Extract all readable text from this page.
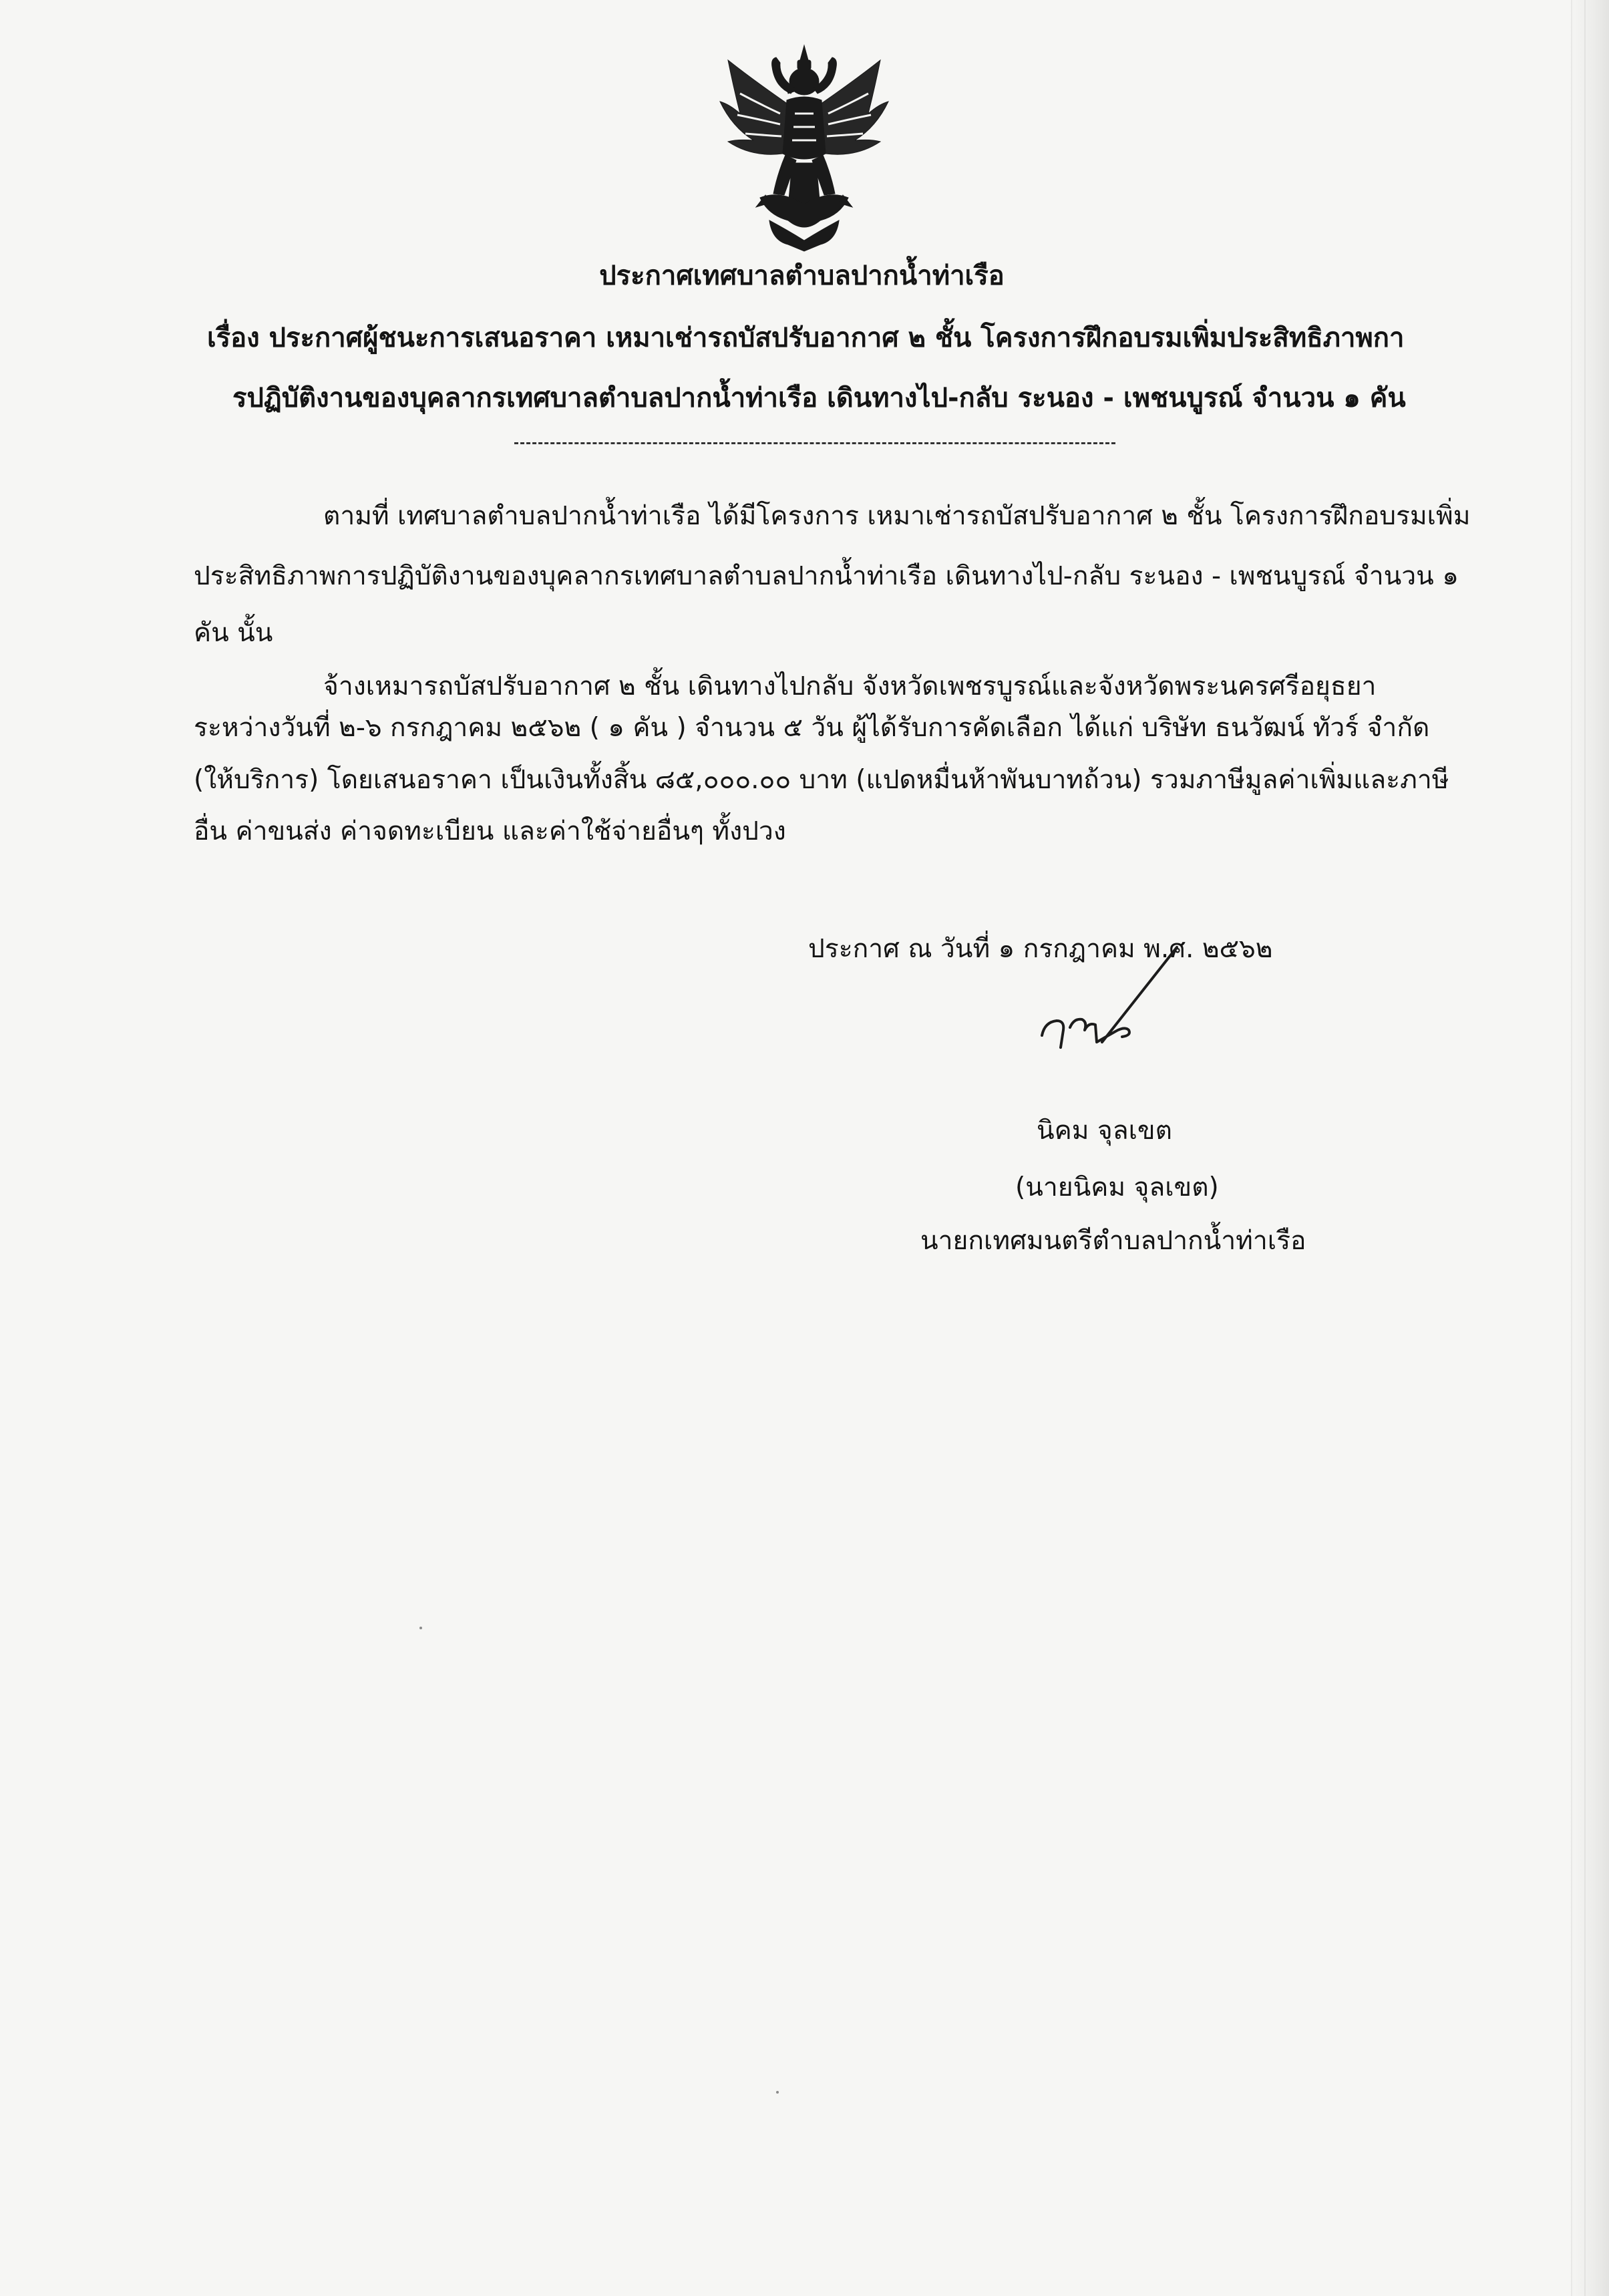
ประกาศเทศบาลตำบลปากน้ำท่าเรือ
เรื่อง ประกาศผู้ชนะการเสนอราคา เหมาเช่ารถบัสปรับอากาศ ๒ ชั้น โครงการฝึกอบรมเพิ่มประสิทธิภาพกา
รปฏิบัติงานของบุคลากรเทศบาลตำบลปากน้ำท่าเรือ เดินทางไป-กลับ ระนอง - เพชนบูรณ์ จำนวน ๑ คัน
ตามที่ เทศบาลตำบลปากน้ำท่าเรือ ได้มีโครงการ เหมาเช่ารถบัสปรับอากาศ ๒ ชั้น โครงการฝึกอบรมเพิ่ม
ประสิทธิภาพการปฏิบัติงานของบุคลากรเทศบาลตำบลปากน้ำท่าเรือ เดินทางไป-กลับ ระนอง - เพชนบูรณ์ จำนวน ๑
คัน นั้น
จ้างเหมารถบัสปรับอากาศ ๒ ชั้น เดินทางไปกลับ จังหวัดเพชรบูรณ์และจังหวัดพระนครศรีอยุธยา
ระหว่างวันที่ ๒-๖ กรกฎาคม ๒๕๖๒ ( ๑ คัน ) จำนวน ๕ วัน ผู้ได้รับการคัดเลือก ได้แก่ บริษัท ธนวัฒน์ ทัวร์ จำกัด
(ให้บริการ) โดยเสนอราคา เป็นเงินทั้งสิ้น ๘๕,๐๐๐.๐๐ บาท (แปดหมื่นห้าพันบาทถ้วน) รวมภาษีมูลค่าเพิ่มและภาษี
อื่น ค่าขนส่ง ค่าจดทะเบียน และค่าใช้จ่ายอื่นๆ ทั้งปวง
ประกาศ ณ วันที่ ๑ กรกฎาคม พ.ศ. ๒๕๖๒
นิคม จุลเขต
(นายนิคม จุลเขต)
นายกเทศมนตรีตำบลปากน้ำท่าเรือ
